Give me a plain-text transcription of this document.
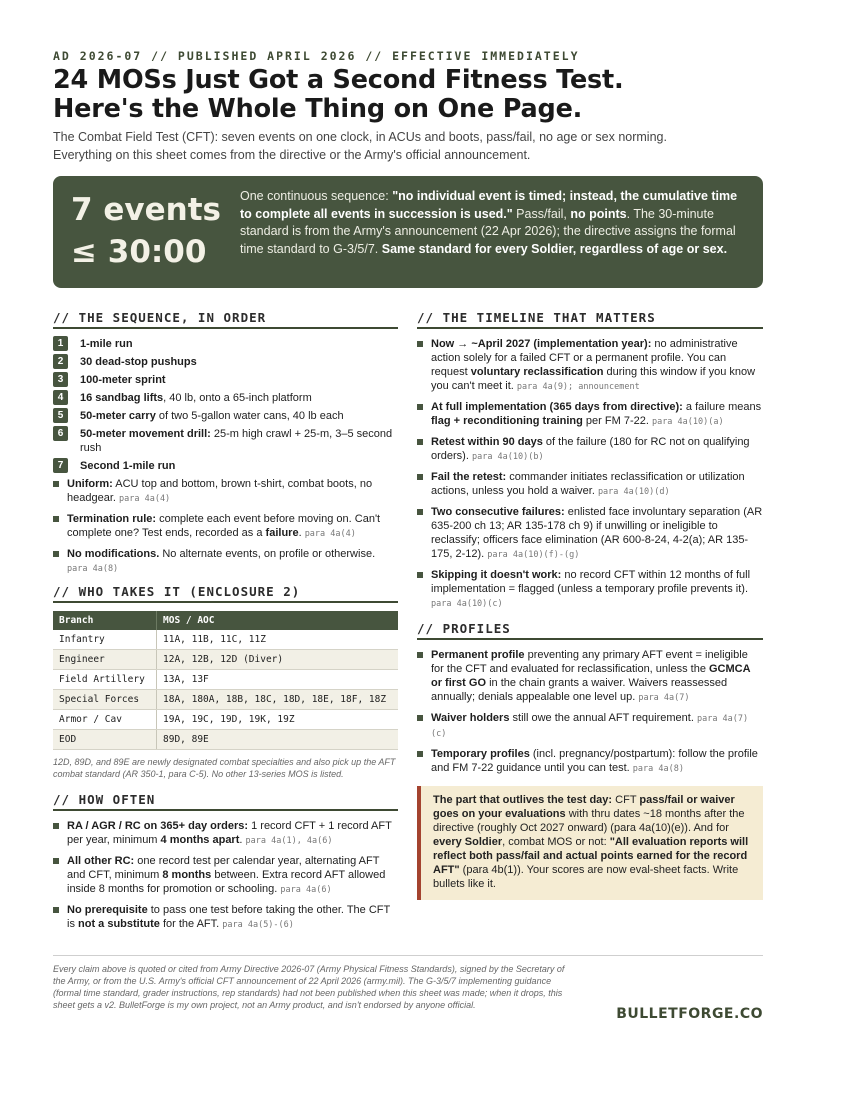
AD 2026-07 // PUBLISHED APRIL 2026 // EFFECTIVE IMMEDIATELY
24 MOSs Just Got a Second Fitness Test.
Here's the Whole Thing on One Page.
The Combat Field Test (CFT): seven events on one clock, in ACUs and boots, pass/fail, no age or sex norming.
Everything on this sheet comes from the directive or the Army's official announcement.
7 events
≤ 30:00
One continuous sequence: "no individual event is timed; instead, the cumulative time to complete all events in succession is used." Pass/fail, no points. The 30-minute standard is from the Army's announcement (22 Apr 2026); the directive assigns the formal time standard to G-3/5/7. Same standard for every Soldier, regardless of age or sex.
// THE SEQUENCE, IN ORDER
1	1-mile run
2	30 dead-stop pushups
3	100-meter sprint
4	16 sandbag lifts, 40 lb, onto a 65-inch platform
5	50-meter carry of two 5-gallon water cans, 40 lb each
6	50-meter movement drill: 25-m high crawl + 25-m, 3–5 second rush
7	Second 1-mile run
Uniform: ACU top and bottom, brown t-shirt, combat boots, no headgear. para 4a(4)
Termination rule: complete each event before moving on. Can't complete one? Test ends, recorded as a failure. para 4a(4)
No modifications. No alternate events, on profile or otherwise. para 4a(8)
// WHO TAKES IT (ENCLOSURE 2)
Branch	MOS / AOC
Infantry	11A, 11B, 11C, 11Z
Engineer	12A, 12B, 12D (Diver)
Field Artillery	13A, 13F
Special Forces	18A, 180A, 18B, 18C, 18D, 18E, 18F, 18Z
Armor / Cav	19A, 19C, 19D, 19K, 19Z
EOD	89D, 89E
12D, 89D, and 89E are newly designated combat specialties and also pick up the AFT combat standard (AR 350-1, para C-5). No other 13-series MOS is listed.
// HOW OFTEN
RA / AGR / RC on 365+ day orders: 1 record CFT + 1 record AFT per year, minimum 4 months apart. para 4a(1), 4a(6)
All other RC: one record test per calendar year, alternating AFT and CFT, minimum 8 months between. Extra record AFT allowed inside 8 months for promotion or schooling. para 4a(6)
No prerequisite to pass one test before taking the other. The CFT is not a substitute for the AFT. para 4a(5)-(6)
// THE TIMELINE THAT MATTERS
Now → ~April 2027 (implementation year): no administrative action solely for a failed CFT or a permanent profile. You can request voluntary reclassification during this window if you know you can't meet it. para 4a(9); announcement
At full implementation (365 days from directive): a failure means flag + reconditioning training per FM 7-22. para 4a(10)(a)
Retest within 90 days of the failure (180 for RC not on qualifying orders). para 4a(10)(b)
Fail the retest: commander initiates reclassification or utilization actions, unless you hold a waiver. para 4a(10)(d)
Two consecutive failures: enlisted face involuntary separation (AR 635-200 ch 13; AR 135-178 ch 9) if unwilling or ineligible to reclassify; officers face elimination (AR 600-8-24, 4-2(a); AR 135-175, 2-12). para 4a(10)(f)-(g)
Skipping it doesn't work: no record CFT within 12 months of full implementation = flagged (unless a temporary profile prevents it). para 4a(10)(c)
// PROFILES
Permanent profile preventing any primary AFT event = ineligible for the CFT and evaluated for reclassification, unless the GCMCA or first GO in the chain grants a waiver. Waivers reassessed annually; denials appealable one level up. para 4a(7)
Waiver holders still owe the annual AFT requirement. para 4a(7)(c)
Temporary profiles (incl. pregnancy/postpartum): follow the profile and FM 7-22 guidance until you can test. para 4a(8)
The part that outlives the test day: CFT pass/fail or waiver goes on your evaluations with thru dates ~18 months after the directive (roughly Oct 2027 onward) (para 4a(10)(e)). And for every Soldier, combat MOS or not: "All evaluation reports will reflect both pass/fail and actual points earned for the record AFT" (para 4b(1)). Your scores are now eval-sheet facts. Write bullets like it.
Every claim above is quoted or cited from Army Directive 2026-07 (Army Physical Fitness Standards), signed by the Secretary of the Army, or from the U.S. Army's official CFT announcement of 22 April 2026 (army.mil). The G-3/5/7 implementing guidance (formal time standard, grader instructions, rep standards) had not been published when this sheet was made; when it drops, this sheet gets a v2. BulletForge is my own project, not an Army product, and isn't endorsed by anyone official.
BULLETFORGE.CO
